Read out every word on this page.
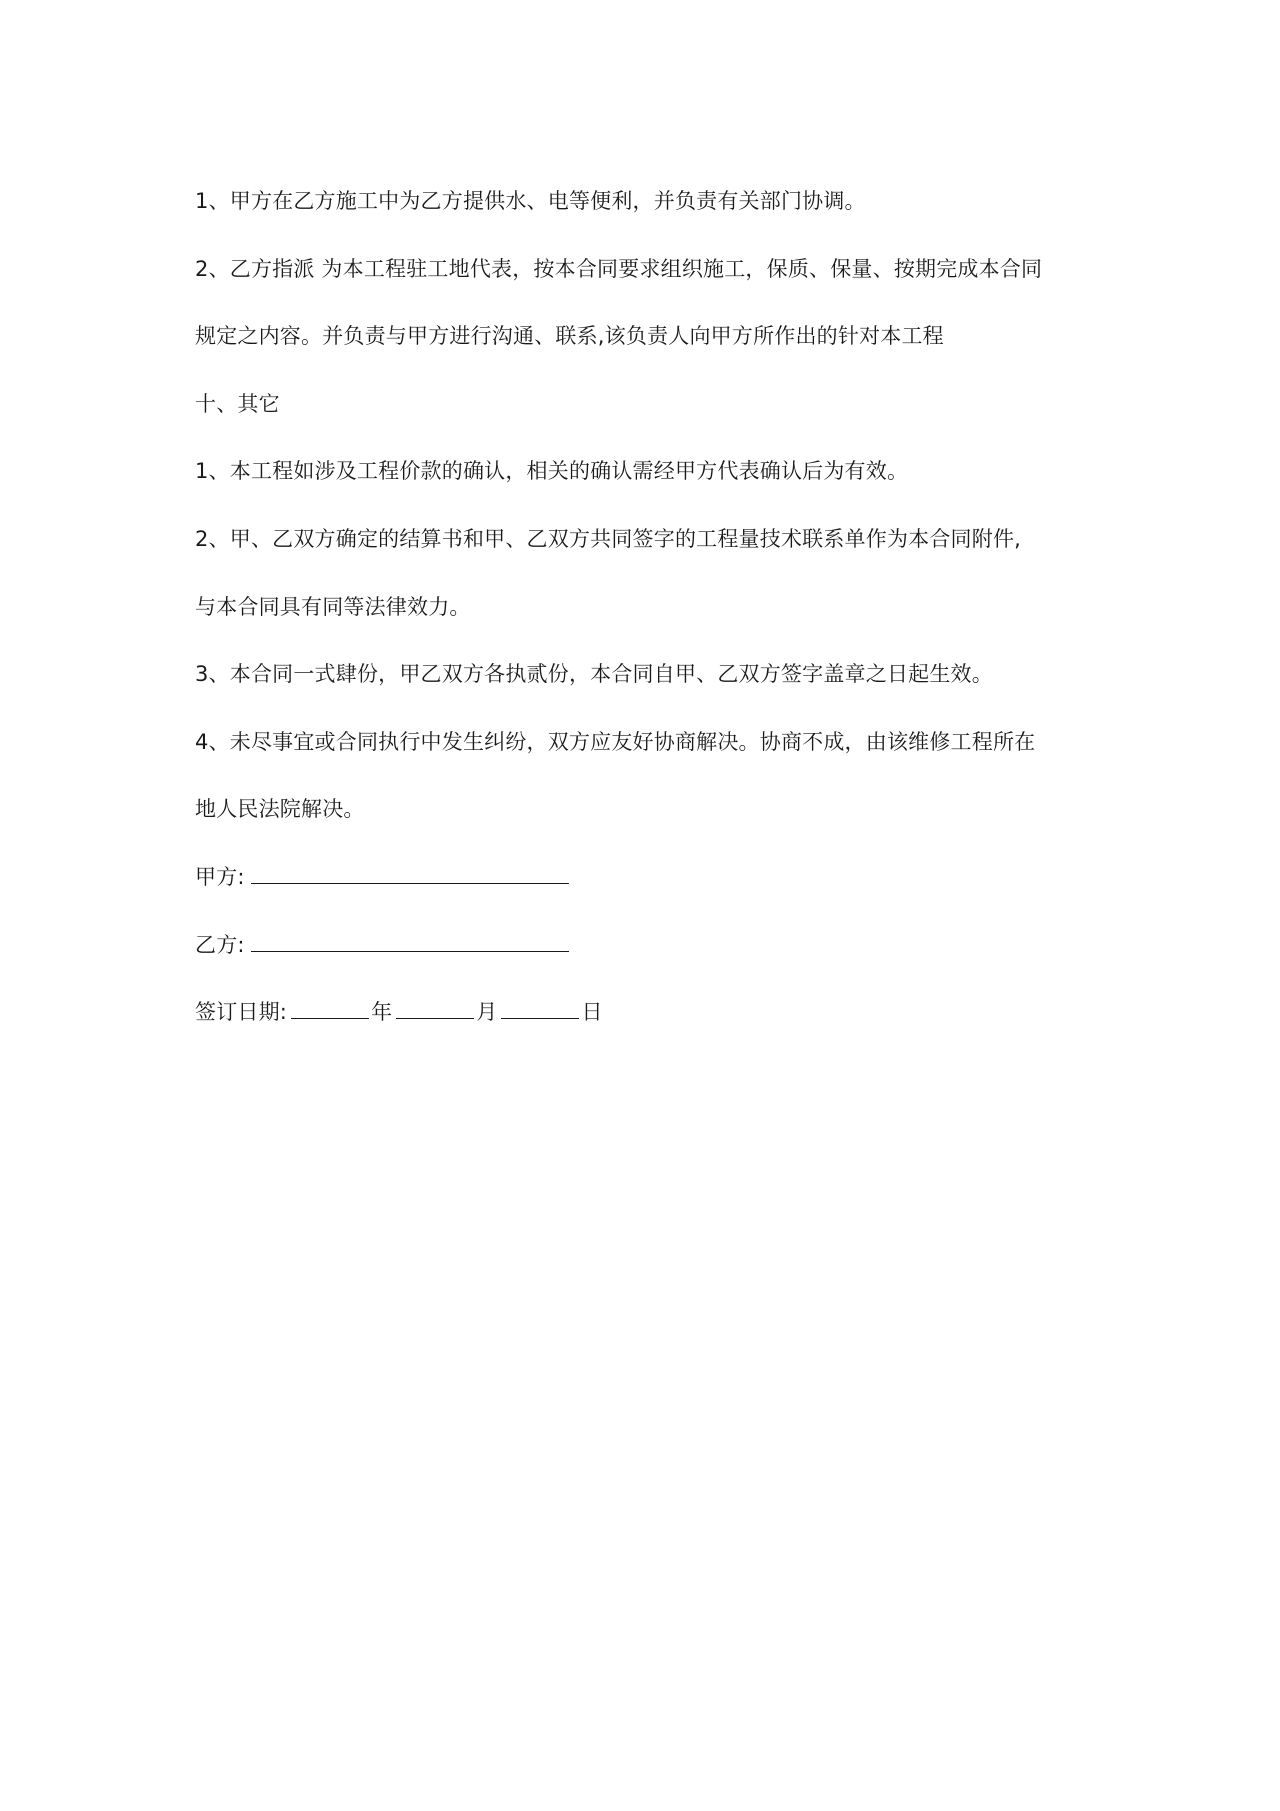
1、甲方在乙方施工中为乙方提供水、电等便利，并负责有关部门协调。
2、乙方指派 为本工程驻工地代表，按本合同要求组织施工，保质、保量、按期完成本合同
规定之内容。并负责与甲方进行沟通、联系,该负责人向甲方所作出的针对本工程
十、其它
1、本工程如涉及工程价款的确认，相关的确认需经甲方代表确认后为有效。
2、甲、乙双方确定的结算书和甲、乙双方共同签字的工程量技术联系单作为本合同附件,
与本合同具有同等法律效力。
3、本合同一式肆份，甲乙双方各执贰份，本合同自甲、乙双方签字盖章之日起生效。
4、未尽事宜或合同执行中发生纠纷，双方应友好协商解决。协商不成，由该维修工程所在
地人民法院解决。
甲方:
乙方:
签订日期:	年	月	日
